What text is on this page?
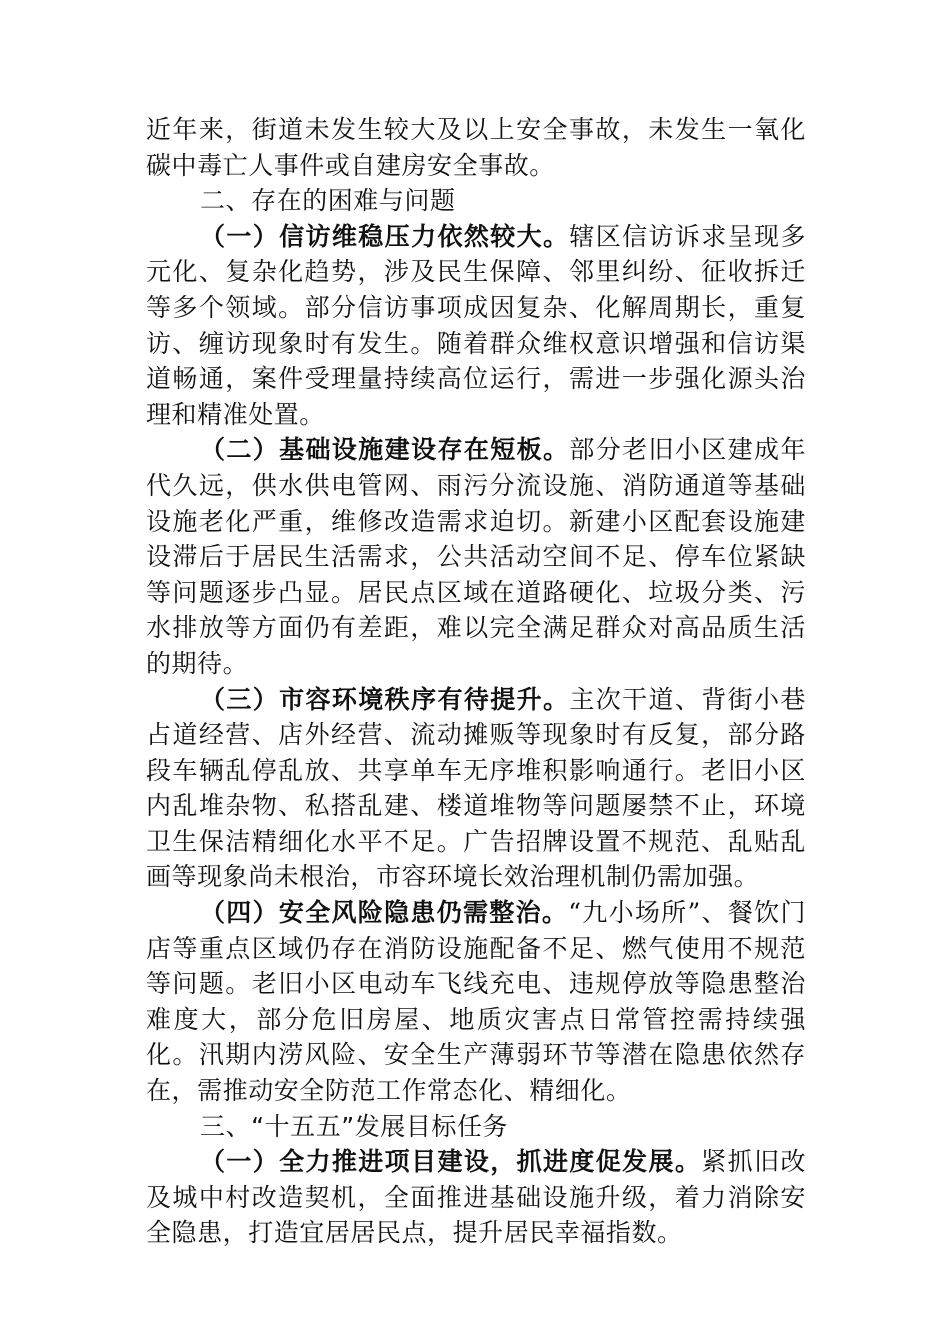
近年来，街道未发生较大及以上安全事故，未发生一氧化碳中毒亡人事件或自建房安全事故。

二、存在的困难与问题

（一）信访维稳压力依然较大。辖区信访诉求呈现多元化、复杂化趋势，涉及民生保障、邻里纠纷、征收拆迁等多个领域。部分信访事项成因复杂、化解周期长，重复访、缠访现象时有发生。随着群众维权意识增强和信访渠道畅通，案件受理量持续高位运行，需进一步强化源头治理和精准处置。

（二）基础设施建设存在短板。部分老旧小区建成年代久远，供水供电管网、雨污分流设施、消防通道等基础设施老化严重，维修改造需求迫切。新建小区配套设施建设滞后于居民生活需求，公共活动空间不足、停车位紧缺等问题逐步凸显。居民点区域在道路硬化、垃圾分类、污水排放等方面仍有差距，难以完全满足群众对高品质生活的期待。

（三）市容环境秩序有待提升。主次干道、背街小巷占道经营、店外经营、流动摊贩等现象时有反复，部分路段车辆乱停乱放、共享单车无序堆积影响通行。老旧小区内乱堆杂物、私搭乱建、楼道堆物等问题屡禁不止，环境卫生保洁精细化水平不足。广告招牌设置不规范、乱贴乱画等现象尚未根治，市容环境长效治理机制仍需加强。

（四）安全风险隐患仍需整治。“九小场所”、餐饮门店等重点区域仍存在消防设施配备不足、燃气使用不规范等问题。老旧小区电动车飞线充电、违规停放等隐患整治难度大，部分危旧房屋、地质灾害点日常管控需持续强化。汛期内涝风险、安全生产薄弱环节等潜在隐患依然存在，需推动安全防范工作常态化、精细化。

三、“十五五”发展目标任务

（一）全力推进项目建设，抓进度促发展。紧抓旧改及城中村改造契机，全面推进基础设施升级，着力消除安全隐患，打造宜居居民点，提升居民幸福指数。
